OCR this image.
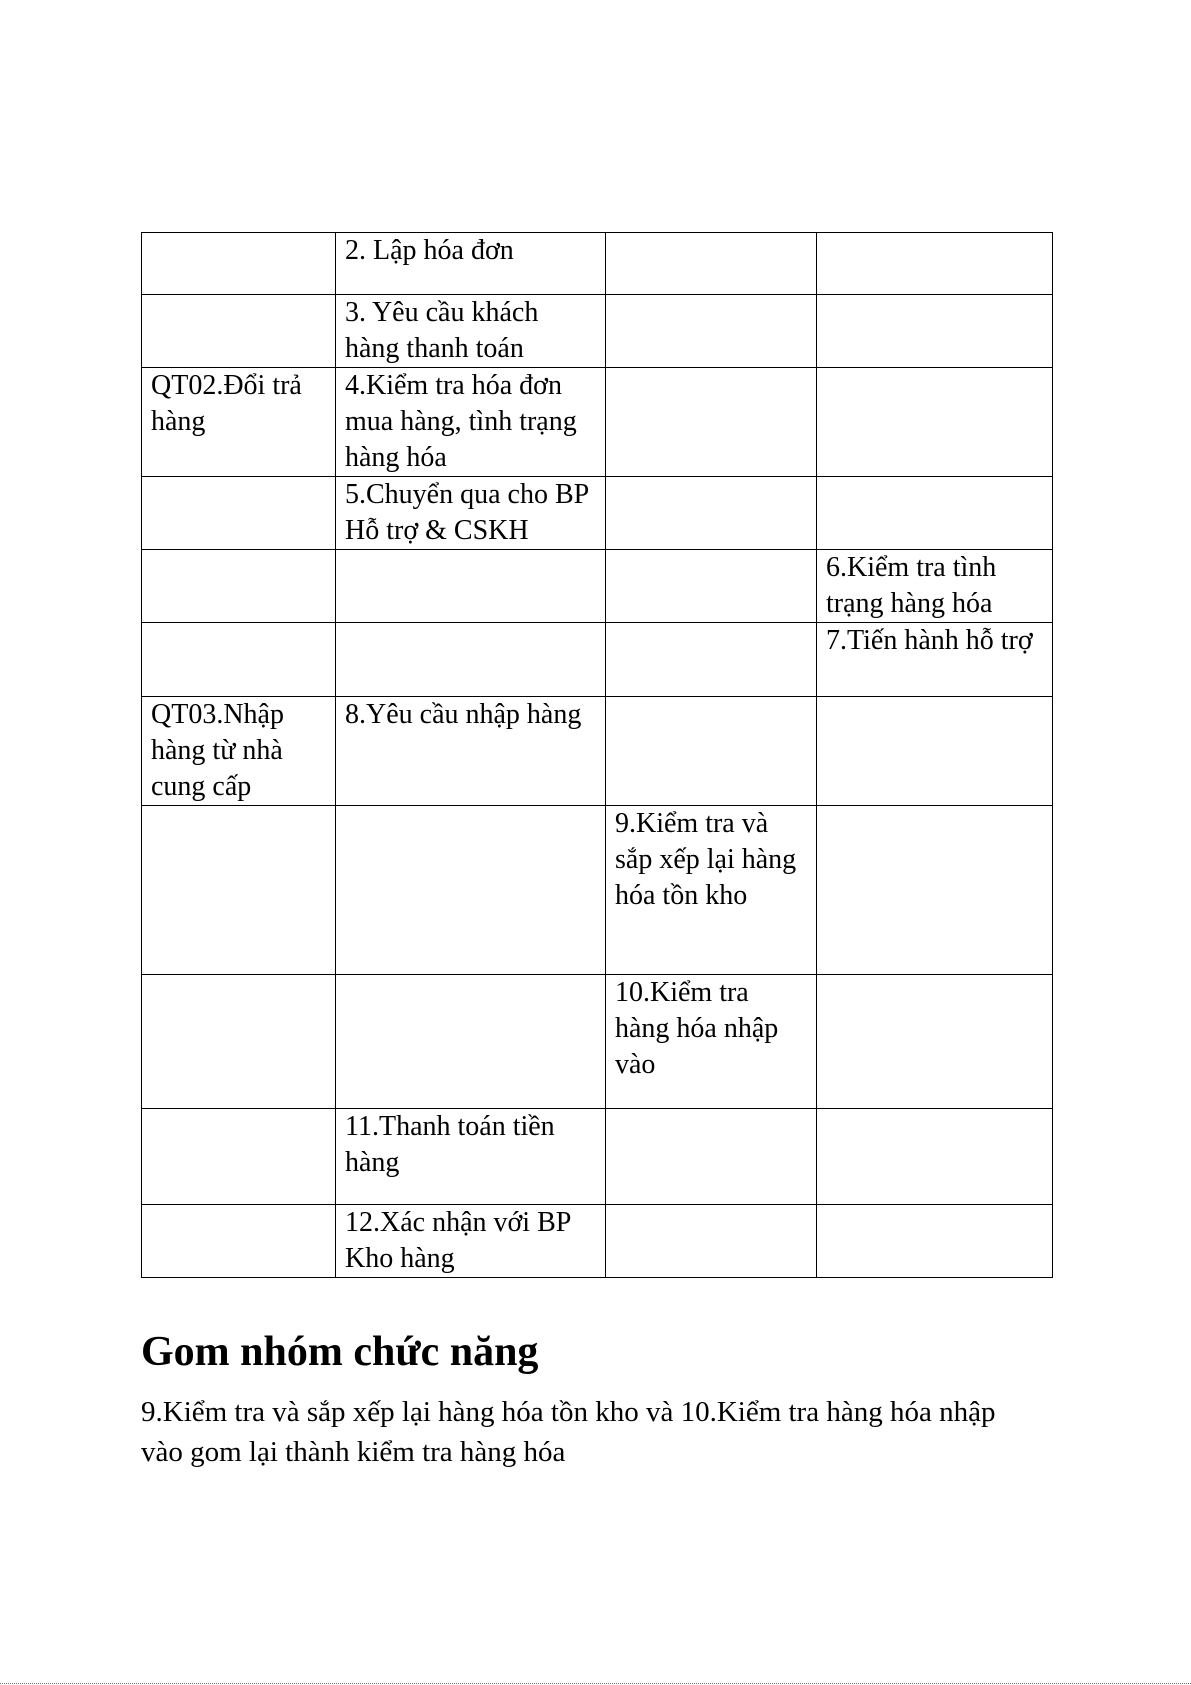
	2. Lập hóa đơn		

	3. Yêu cầu khách hàng thanh toán		

QT02.Đổi trả hàng	4.Kiểm tra hóa đơn mua hàng, tình trạng hàng hóa		

	5.Chuyển qua cho BP Hỗ trợ & CSKH		

			6.Kiểm tra tình trạng hàng hóa

			7.Tiến hành hỗ trợ

QT03.Nhập hàng từ nhà cung cấp	8.Yêu cầu nhập hàng		

		9.Kiểm tra và sắp xếp lại hàng hóa tồn kho	

		10.Kiểm tra hàng hóa nhập vào	

	11.Thanh toán tiền hàng		

	12.Xác nhận với BP Kho hàng		

Gom nhóm chức năng

9.Kiểm tra và sắp xếp lại hàng hóa tồn kho và 10.Kiểm tra hàng hóa nhập vào gom lại thành kiểm tra hàng hóa
